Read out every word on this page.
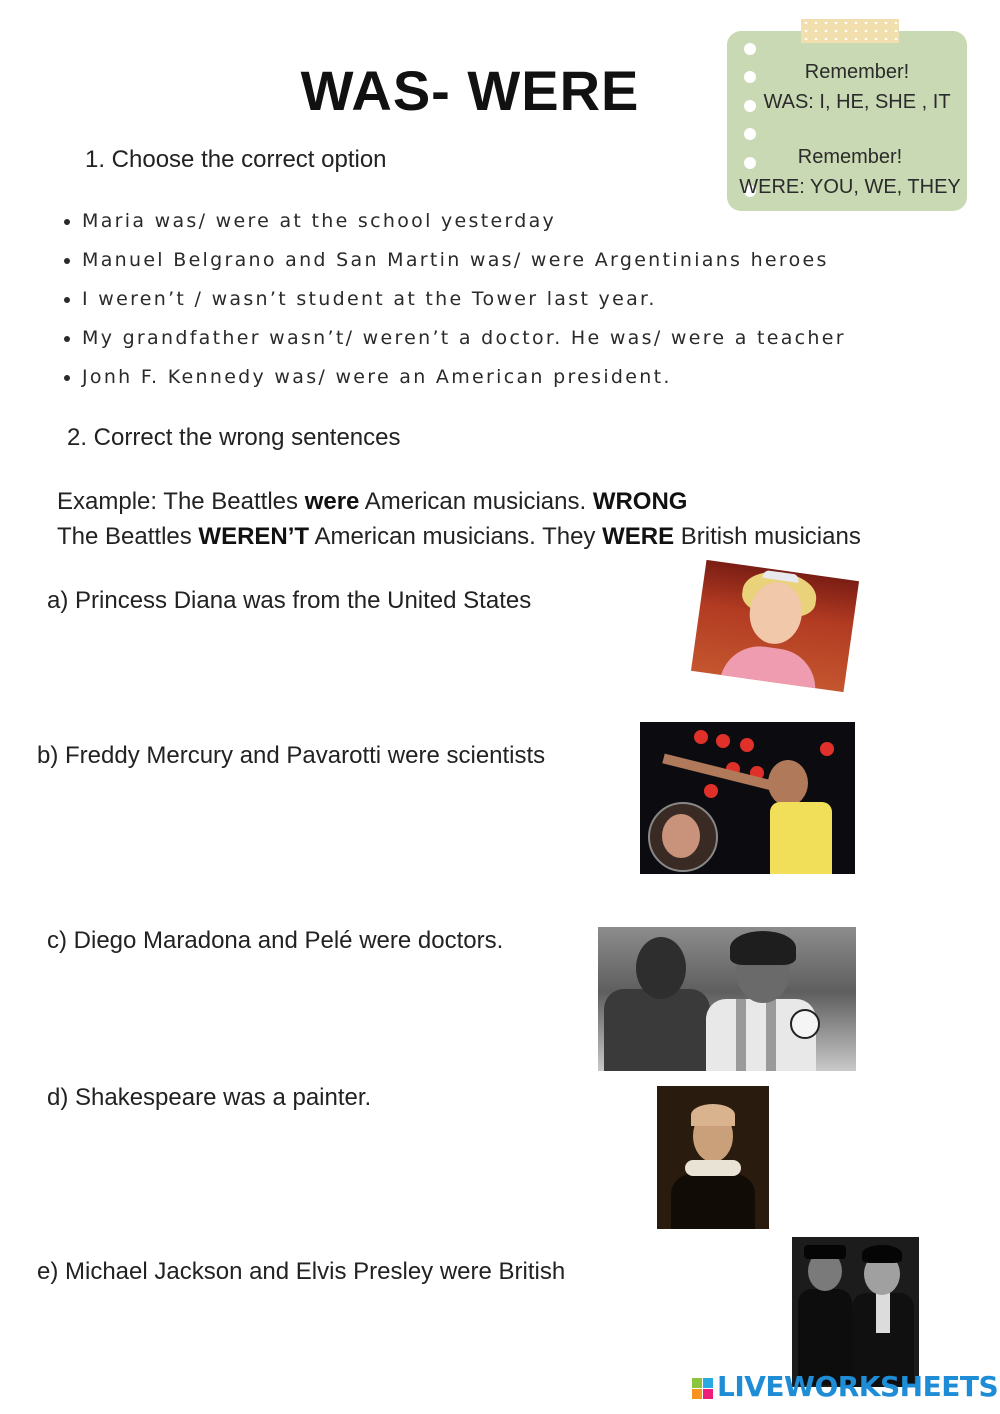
WAS- WERE	Remember!
WAS: I, HE, SHE , IT
Remember!
WERE: YOU, WE, THEY
1. Choose the correct option
• Maria was/ were at the school yesterday
• Manuel Belgrano and San Martin was/ were Argentinians heroes
• I weren’t / wasn’t student at the Tower last year.
• My grandfather wasn’t/ weren’t a doctor. He was/ were a teacher
• Jonh F. Kennedy was/ were an American president.
2. Correct the wrong sentences
Example: The Beattles were American musicians. WRONG
The Beattles WEREN’T American musicians. They WERE British musicians
a) Princess Diana was from the United States
b) Freddy Mercury and Pavarotti were scientists
c) Diego Maradona and Pelé were doctors.
d) Shakespeare was a painter.
e) Michael Jackson and Elvis Presley were British
LIVEWORKSHEETS
